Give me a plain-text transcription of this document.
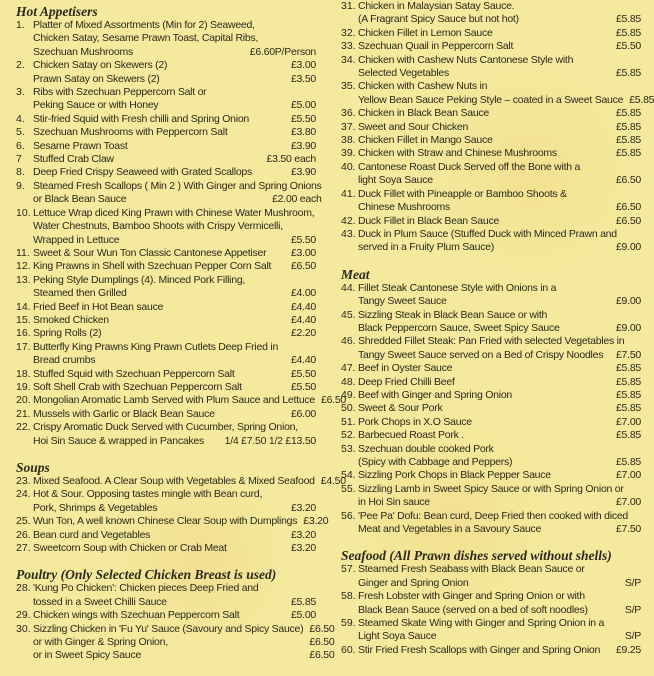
Hot Appetisers
1. Platter of Mixed Assortments (Min for 2) Seaweed,
Chicken Satay, Sesame Prawn Toast, Capital Ribs,
Szechuan Mushrooms	£6.60P/Person
2. Chicken Satay on Skewers (2)	£3.00
Prawn Satay on Skewers (2)	£3.50
3. Ribs with Szechuan Peppercorn Salt or
Peking Sauce or with Honey	£5.00
4. Stir-fried Squid with Fresh chilli and Spring Onion	£5.50
5. Szechuan Mushrooms with Peppercorn Salt	£3.80
6. Sesame Prawn Toast	£3.90
7	Stuffed Crab Claw	£3.50 each
8. Deep Fried Crispy Seaweed with Grated Scallops	£3.90
9. Steamed Fresh Scallops ( Min 2 ) With Ginger and Spring Onions
or Black Bean Sauce	£2.00 each
10. Lettuce Wrap diced King Prawn with Chinese Water Mushroom,
Water Chestnuts, Bamboo Shoots with Crispy Vermicelli,
Wrapped in Lettuce	£5.50
11. Sweet & Sour Wun Ton Classic Cantonese Appetiser	£3.00
12. King Prawns in Shell with Szechuan Pepper Corn Salt	£6.50
13. Peking Style Dumplings (4). Minced Pork Filling,
Steamed then Grilled	£4.00
14. Fried Beef in Hot Bean sauce	£4.40
15. Smoked Chicken	£4.40
16. Spring Rolls (2)	£2.20
17. Butterfly King Prawns King Prawn Cutlets Deep Fried in
Bread crumbs	£4.40
18. Stuffed Squid with Szechuan Peppercorn Salt	£5.50
19. Soft Shell Crab with Szechuan Peppercorn Salt	£5.50
20. Mongolian Aromatic Lamb Served with Plum Sauce and Lettuce £6.50
21. Mussels with Garlic or Black Bean Sauce	£6.00
22. Crispy Aromatic Duck Served with Cucumber, Spring Onion,
Hoi Sin Sauce & wrapped in Pancakes	1/4 £7.50 1/2 £13.50
Soups
23. Mixed Seafood. A Clear Soup with Vegetables & Mixed Seafood £4.50
24. Hot & Sour. Opposing tastes mingle with Bean curd,
Pork, Shrimps & Vegetables	£3.20
25. Wun Ton, A well known Chinese Clear Soup with Dumplings £3.20
26. Bean curd and Vegetables	£3.20
27. Sweetcorn Soup with Chicken or Crab Meat	£3.20
Poultry (Only Selected Chicken Breast is used)
28. 'Kung Po Chicken': Chicken pieces Deep Fried and
tossed in a Sweet Chilli Sauce	£5.85
29. Chicken wings with Szechuan Peppercorn Salt	£5.00
30. Sizzling Chicken in 'Fu Yu' Sauce (Savoury and Spicy Sauce) £6.50
or with Ginger & Spring Onion,	£6.50
or in Sweet Spicy Sauce	£6.50
31. Chicken in Malaysian Satay Sauce.
(A Fragrant Spicy Sauce but not hot)	£5.85
32. Chicken Fillet in Lemon Sauce	£5.85
33. Szechuan Quail in Peppercorn Salt	£5.50
34. Chicken with Cashew Nuts Cantonese Style with
Selected Vegetables	£5.85
35. Chicken with Cashew Nuts in
Yellow Bean Sauce Peking Style – coated in a Sweet Sauce £5.85
36. Chicken in Black Bean Sauce	£5.85
37. Sweet and Sour Chicken	£5.85
38. Chicken Fillet in Mango Sauce	£5.85
39. Chicken with Straw and Chinese Mushrooms	£5.85
40. Cantonese Roast Duck Served off the Bone with a
light Soya Sauce	£6.50
41. Duck Fillet with Pineapple or Bamboo Shoots &
Chinese Mushrooms	£6.50
42. Duck Fillet in Black Bean Sauce	£6.50
43. Duck in Plum Sauce (Stuffed Duck with Minced Prawn and
served in a Fruity Plum Sauce)	£9.00
Meat
44. Fillet Steak Cantonese Style with Onions in a
Tangy Sweet Sauce	£9.00
45. Sizzling Steak in Black Bean Sauce or with
Black Peppercorn Sauce, Sweet Spicy Sauce	£9.00
46. Shredded Fillet Steak: Pan Fried with selected Vegetables in
Tangy Sweet Sauce served on a Bed of Crispy Noodles	£7.50
47. Beef in Oyster Sauce	£5.85
48. Deep Fried Chilli Beef	£5.85
49. Beef with Ginger and Spring Onion	£5.85
50. Sweet & Sour Pork	£5.85
51. Pork Chops in X.O Sauce	£7.00
52. Barbecued Roast Pork .	£5.85
53. Szechuan double cooked Pork
(Spicy with Cabbage and Peppers)	£5.85
54. Sizzling Pork Chops in Black Pepper Sauce	£7.00
55. Sizzling Lamb in Sweet Spicy Sauce or with Spring Onion or
in Hoi Sin sauce	£7.00
56. 'Pee Pa' Dofu: Bean curd, Deep Fried then cooked with diced
Meat and Vegetables in a Savoury Sauce	£7.50
Seafood (All Prawn dishes served without shells)
57. Steamed Fresh Seabass with Black Bean Sauce or
Ginger and Spring Onion	S/P
58. Fresh Lobster with Ginger and Spring Onion or with
Black Bean Sauce (served on a bed of soft noodles)	S/P
59. Steamed Skate Wing with Ginger and Spring Onion in a
Light Soya Sauce	S/P
60. Stir Fried Fresh Scallops with Ginger and Spring Onion	£9.25
